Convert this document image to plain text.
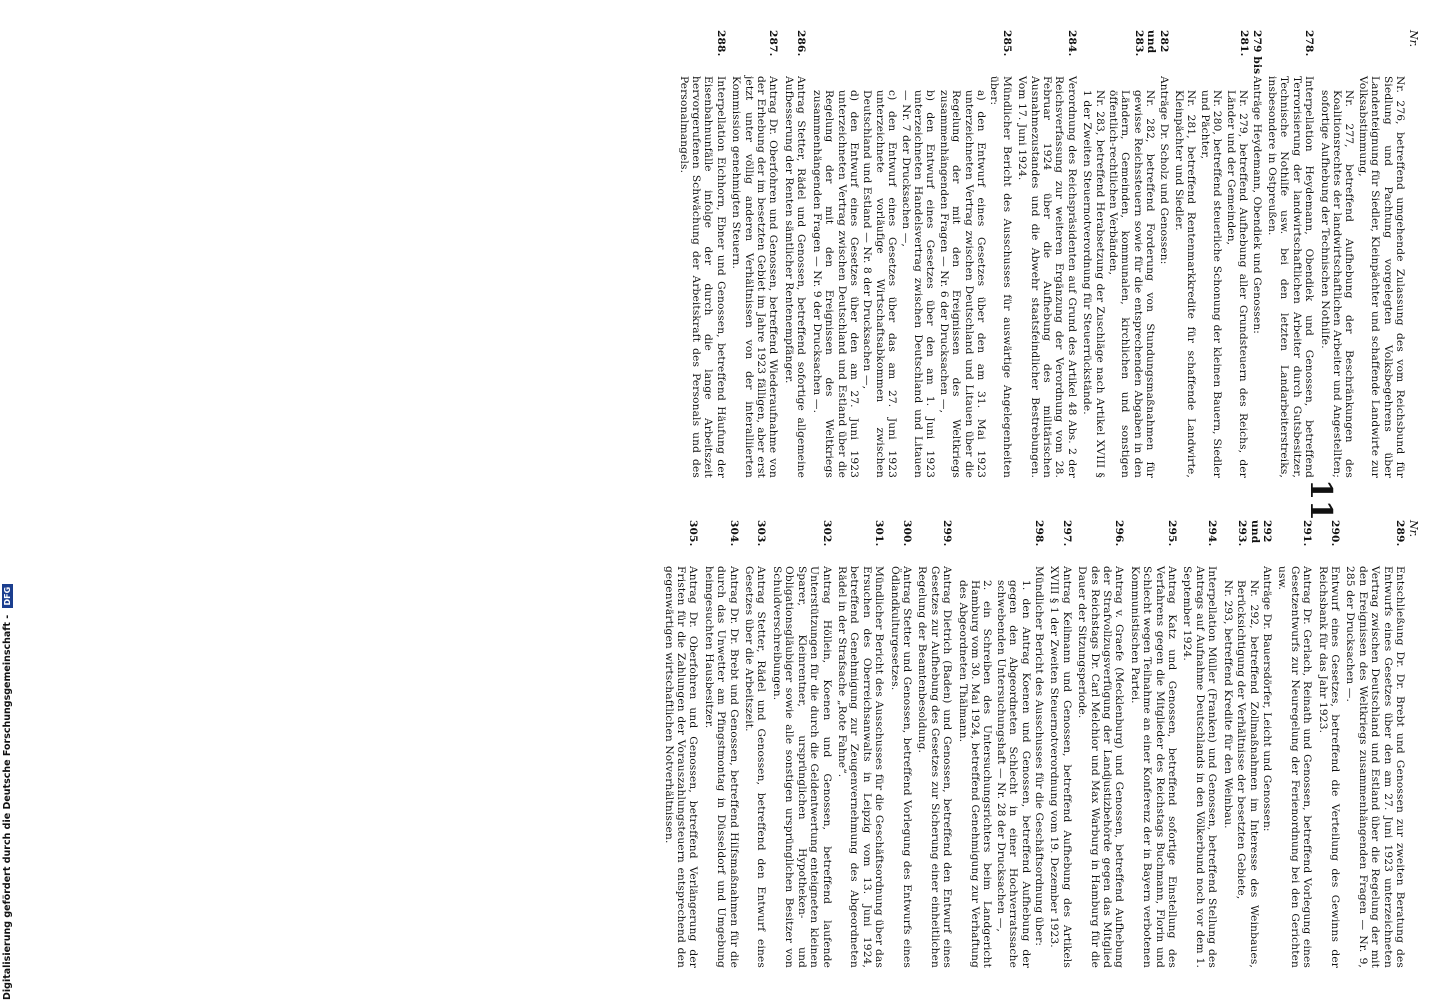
Nr.
Nr.
11
Nr. 276, betreffend umgehende Zulassung des vom Reichsbund für Siedlung und Pachtung vorgelegten Volksbegehrens über Landenteignung für Siedler, Kleinpächter und schaffende Landwirte zur Volksabstimmung,
Nr. 277, betreffend Aufhebung der Beschränkungen des Koalitionsrechtes der landwirtschaftlichen Arbeiter und Angestellten; sofortige Aufhebung der Technischen Nothilfe.
278.
Interpellation Heydemann, Obendiek und Genossen, betreffend Terrorisierung der landwirtschaftlichen Arbeiter durch Gutsbesitzer, Technische Nothilfe usw. bei den letzten Landarbeiterstreiks, insbesondere in Ostpreußen.
279 bis 281.
Anträge Heydemann, Obendiek und Genossen:
Nr. 279, betreffend Aufhebung aller Grundsteuern des Reichs, der Länder und der Gemeinden,
Nr. 280, betreffend steuerliche Schonung der kleinen Bauern, Siedler und Pächter,
Nr. 281, betreffend Rentenmarkkredite für schaffende Landwirte, Kleinpächter und Siedler.
282 und 283.
Anträge Dr. Scholz und Genossen:
Nr. 282, betreffend Forderung von Stundungsmaßnahmen für gewisse Reichssteuern sowie für die entsprechenden Abgaben in den Ländern, Gemeinden, kommunalen, kirchlichen und sonstigen öffentlich-rechtlichen Verbänden,
Nr. 283, betreffend Herabsetzung der Zuschläge nach Artikel XVIII § 1 der Zweiten Steuernotverordnung für Steuerrückstände.
284.
Verordnung des Reichspräsidenten auf Grund des Artikel 48 Abs. 2 der Reichsverfassung zur weiteren Ergänzung der Verordnung vom 28. Februar 1924 über die Aufhebung des militärischen Ausnahmezustandes und die Abwehr staatsfeindlicher Bestrebungen. Vom 17. Juni 1924.
285.
Mündlicher Bericht des Ausschusses für auswärtige Angelegenheiten über:
a) den Entwurf eines Gesetzes über den am 31. Mai 1923 unterzeichneten Vertrag zwischen Deutschland und Litauen über die Regelung der mit den Ereignissen des Weltkriegs zusammenhängenden Fragen — Nr. 6 der Drucksachen —,
b) den Entwurf eines Gesetzes über den am 1. Juni 1923 unterzeichneten Handelsvertrag zwischen Deutschland und Litauen — Nr. 7 der Drucksachen —,
c) den Entwurf eines Gesetzes über das am 27. Juni 1923 unterzeichnete vorläufige Wirtschaftsabkommen zwischen Deutschland und Estland — Nr. 8 der Drucksachen —,
d) den Entwurf eines Gesetzes über den am 27. Juni 1923 unterzeichneten Vertrag zwischen Deutschland und Estland über die Regelung der mit den Ereignissen des Weltkriegs zusammenhängenden Fragen — Nr. 9 der Drucksachen —.
286.
Antrag Stetter, Rädel und Genossen, betreffend sofortige allgemeine Aufbesserung der Renten sämtlicher Rentenempfänger.
287.
Antrag Dr. Oberfohren und Genossen, betreffend Wiederaufnahme von der Erhebung der im besetzten Gebiet im Jahre 1923 fälligen, aber erst jetzt unter völlig anderen Verhältnissen von der interalliierten Kommission genehmigten Steuern.
288.
Interpellation Eichhorn, Ebner und Genossen, betreffend Häufung der Eisenbahnunfälle infolge der durch die lange Arbeitszeit hervorgerufenen Schwächung der Arbeitskraft des Personals und des Personalmangels.
289.
Entschließung Dr. Dr. Brebt und Genossen zur zweiten Beratung des Entwurfs eines Gesetzes über den am 27. Juni 1923 unterzeichneten Vertrag zwischen Deutschland und Estland über die Regelung der mit den Ereignissen des Weltkriegs zusammenhängenden Fragen — Nr. 9, 285 der Drucksachen —.
290.
Entwurf eines Gesetzes, betreffend die Verteilung des Gewinns der Reichsbank für das Jahr 1923.
291.
Antrag Dr. Gerlach, Reinath und Genossen, betreffend Vorlegung eines Gesetzentwurfs zur Neuregelung der Ferienordnung bei den Gerichten usw.
292 und 293.
Anträge Dr. Bauersdörfer, Leicht und Genossen:
Nr. 292, betreffend Zollmaßnahmen im Interesse des Weinbaues, Berücksichtigung der Verhältnisse der besetzten Gebiete,
Nr. 293, betreffend Kredite für den Weinbau.
294.
Interpellation Müller (Franken) und Genossen, betreffend Stellung des Antrags auf Aufnahme Deutschlands in den Völkerbund noch vor dem 1. September 1924.
295.
Antrag Katz und Genossen, betreffend sofortige Einstellung des Verfahrens gegen die Mitglieder des Reichstags Buchmann, Florin und Schlecht wegen Teilnahme an einer Konferenz der in Bayern verbotenen Kommunistischen Partei.
296.
Antrag v. Graefe (Mecklenburg) und Genossen, betreffend Aufhebung der Strafvollzugsverfügung der Landjustizbehörde gegen das Mitglied des Reichstags Dr. Carl Melchior und Max Warburg in Hamburg für die Dauer der Sitzungsperiode.
297.
Antrag Keilmann und Genossen, betreffend Aufhebung des Artikels XVIII § 1 der Zweiten Steuernotverordnung vom 19. Dezember 1923.
298.
Mündlicher Bericht des Ausschusses für die Geschäftsordnung über:
1. den Antrag Koenen und Genossen, betreffend Aufhebung der gegen den Abgeordneten Schlecht in einer Hochverratssache schwebenden Untersuchungshaft — Nr. 28 der Drucksachen —,
2. ein Schreiben des Untersuchungsrichters beim Landgericht Hamburg vom 30. Mai 1924, betreffend Genehmigung zur Verhaftung des Abgeordneten Thälmann.
299.
Antrag Dietrich (Baden) und Genossen, betreffend den Entwurf eines Gesetzes zur Aufhebung des Gesetzes zur Sicherung einer einheitlichen Regelung der Beamtenbesoldung.
300.
Antrag Stetter und Genossen, betreffend Vorlegung des Entwurfs eines Ödlandkulturgesetzes.
301.
Mündlicher Bericht des Ausschusses für die Geschäftsordnung über das Ersuchen des Oberreichsanwalts in Leipzig vom 13. Juni 1924, betreffend Genehmigung zur Zeugenvernehmung des Abgeordneten Rädel in der Strafsache „Rote Fahne“.
302.
Antrag Höllein, Koenen und Genossen, betreffend laufende Unterstützungen für die durch die Geldentwertung enteigneten kleinen Sparer, Kleinrentner, ursprünglichen Hypotheken- und Obligationsgläubiger sowie alle sonstigen ursprünglichen Besitzer von Schuldverschreibungen.
303.
Antrag Stetter, Rädel und Genossen, betreffend den Entwurf eines Gesetzes über die Arbeitszeit.
304.
Antrag Dr. Dr. Brebt und Genossen, betreffend Hilfsmaßnahmen für die durch das Unwetter am Pfingstmontag in Düsseldorf und Umgebung heimgesuchten Hausbesitzer.
305.
Antrag Dr. Oberfohren und Genossen, betreffend Verlängerung der Fristen für die Zahlungen der Vorauszahlungsteuern entsprechend den gegenwärtigen wirtschaftlichen Notverhältnissen.
Digitalisierung gefördert durch die Deutsche Forschungsgemeinschaft - DFG
